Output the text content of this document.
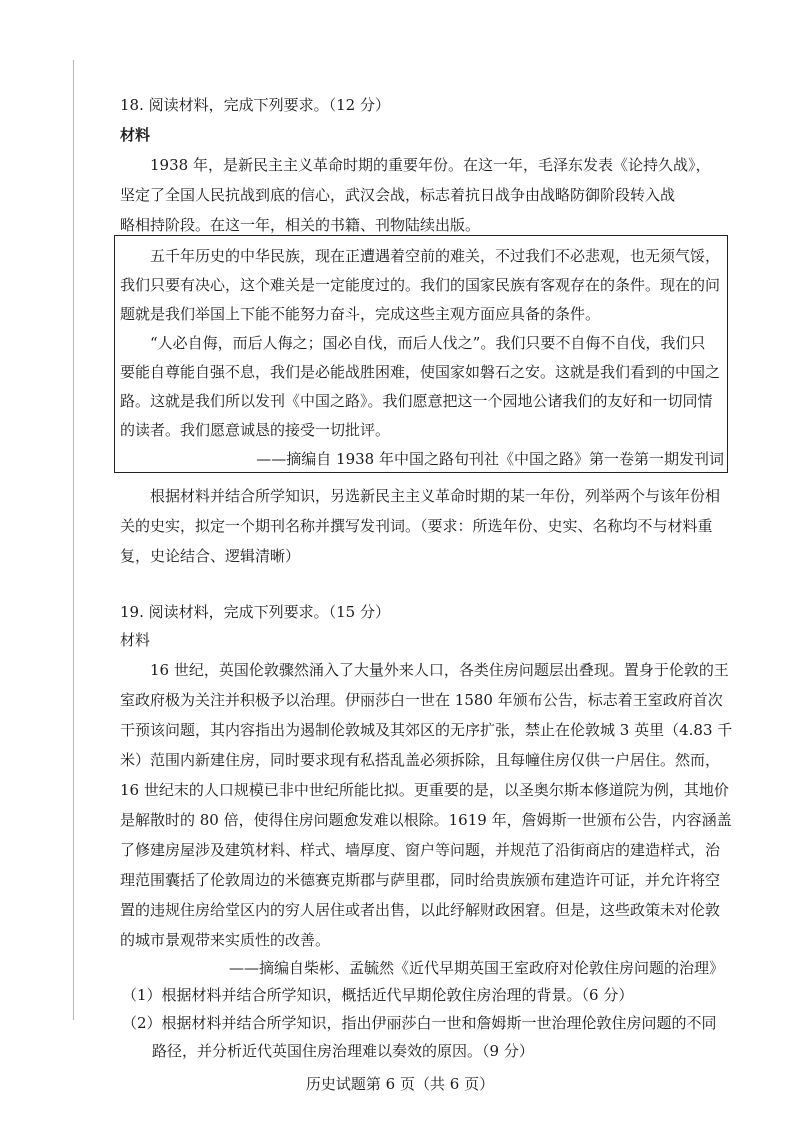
18. 阅读材料，完成下列要求。（12 分）
材料
1938 年，是新民主主义革命时期的重要年份。在这一年，毛泽东发表《论持久战》，
坚定了全国人民抗战到底的信心，武汉会战，标志着抗日战争由战略防御阶段转入战
略相持阶段。在这一年，相关的书籍、刊物陆续出版。
五千年历史的中华民族，现在正遭遇着空前的难关，不过我们不必悲观，也无须气馁，
我们只要有决心，这个难关是一定能度过的。我们的国家民族有客观存在的条件。现在的问
题就是我们举国上下能不能努力奋斗，完成这些主观方面应具备的条件。
“人必自侮，而后人侮之；国必自伐，而后人伐之”。我们只要不自侮不自伐，我们只
要能自尊能自强不息，我们是必能战胜困难，使国家如磐石之安。这就是我们看到的中国之
路。这就是我们所以发刊《中国之路》。我们愿意把这一个园地公诸我们的友好和一切同情
的读者。我们愿意诚恳的接受一切批评。
——摘编自 1938 年中国之路旬刊社《中国之路》第一卷第一期发刊词
根据材料并结合所学知识，另选新民主主义革命时期的某一年份，列举两个与该年份相
关的史实，拟定一个期刊名称并撰写发刊词。（要求：所选年份、史实、名称均不与材料重
复，史论结合、逻辑清晰）
19. 阅读材料，完成下列要求。（15 分）
材料
16 世纪，英国伦敦骤然涌入了大量外来人口，各类住房问题层出叠现。置身于伦敦的王
室政府极为关注并积极予以治理。伊丽莎白一世在 1580 年颁布公告，标志着王室政府首次
干预该问题，其内容指出为遏制伦敦城及其郊区的无序扩张，禁止在伦敦城 3 英里（4.83 千
米）范围内新建住房，同时要求现有私搭乱盖必须拆除，且每幢住房仅供一户居住。然而，
16 世纪末的人口规模已非中世纪所能比拟。更重要的是，以圣奥尔斯本修道院为例，其地价
是解散时的 80 倍，使得住房问题愈发难以根除。1619 年，詹姆斯一世颁布公告，内容涵盖
了修建房屋涉及建筑材料、样式、墙厚度、窗户等问题，并规范了沿街商店的建造样式，治
理范围囊括了伦敦周边的米德赛克斯郡与萨里郡，同时给贵族颁布建造许可证，并允许将空
置的违规住房给堂区内的穷人居住或者出售，以此纾解财政困窘。但是，这些政策未对伦敦
的城市景观带来实质性的改善。
——摘编自柴彬、孟毓然《近代早期英国王室政府对伦敦住房问题的治理》
（1）根据材料并结合所学知识，概括近代早期伦敦住房治理的背景。（6 分）
（2）根据材料并结合所学知识，指出伊丽莎白一世和詹姆斯一世治理伦敦住房问题的不同
路径，并分析近代英国住房治理难以奏效的原因。（9 分）
历史试题第 6 页（共 6 页）
